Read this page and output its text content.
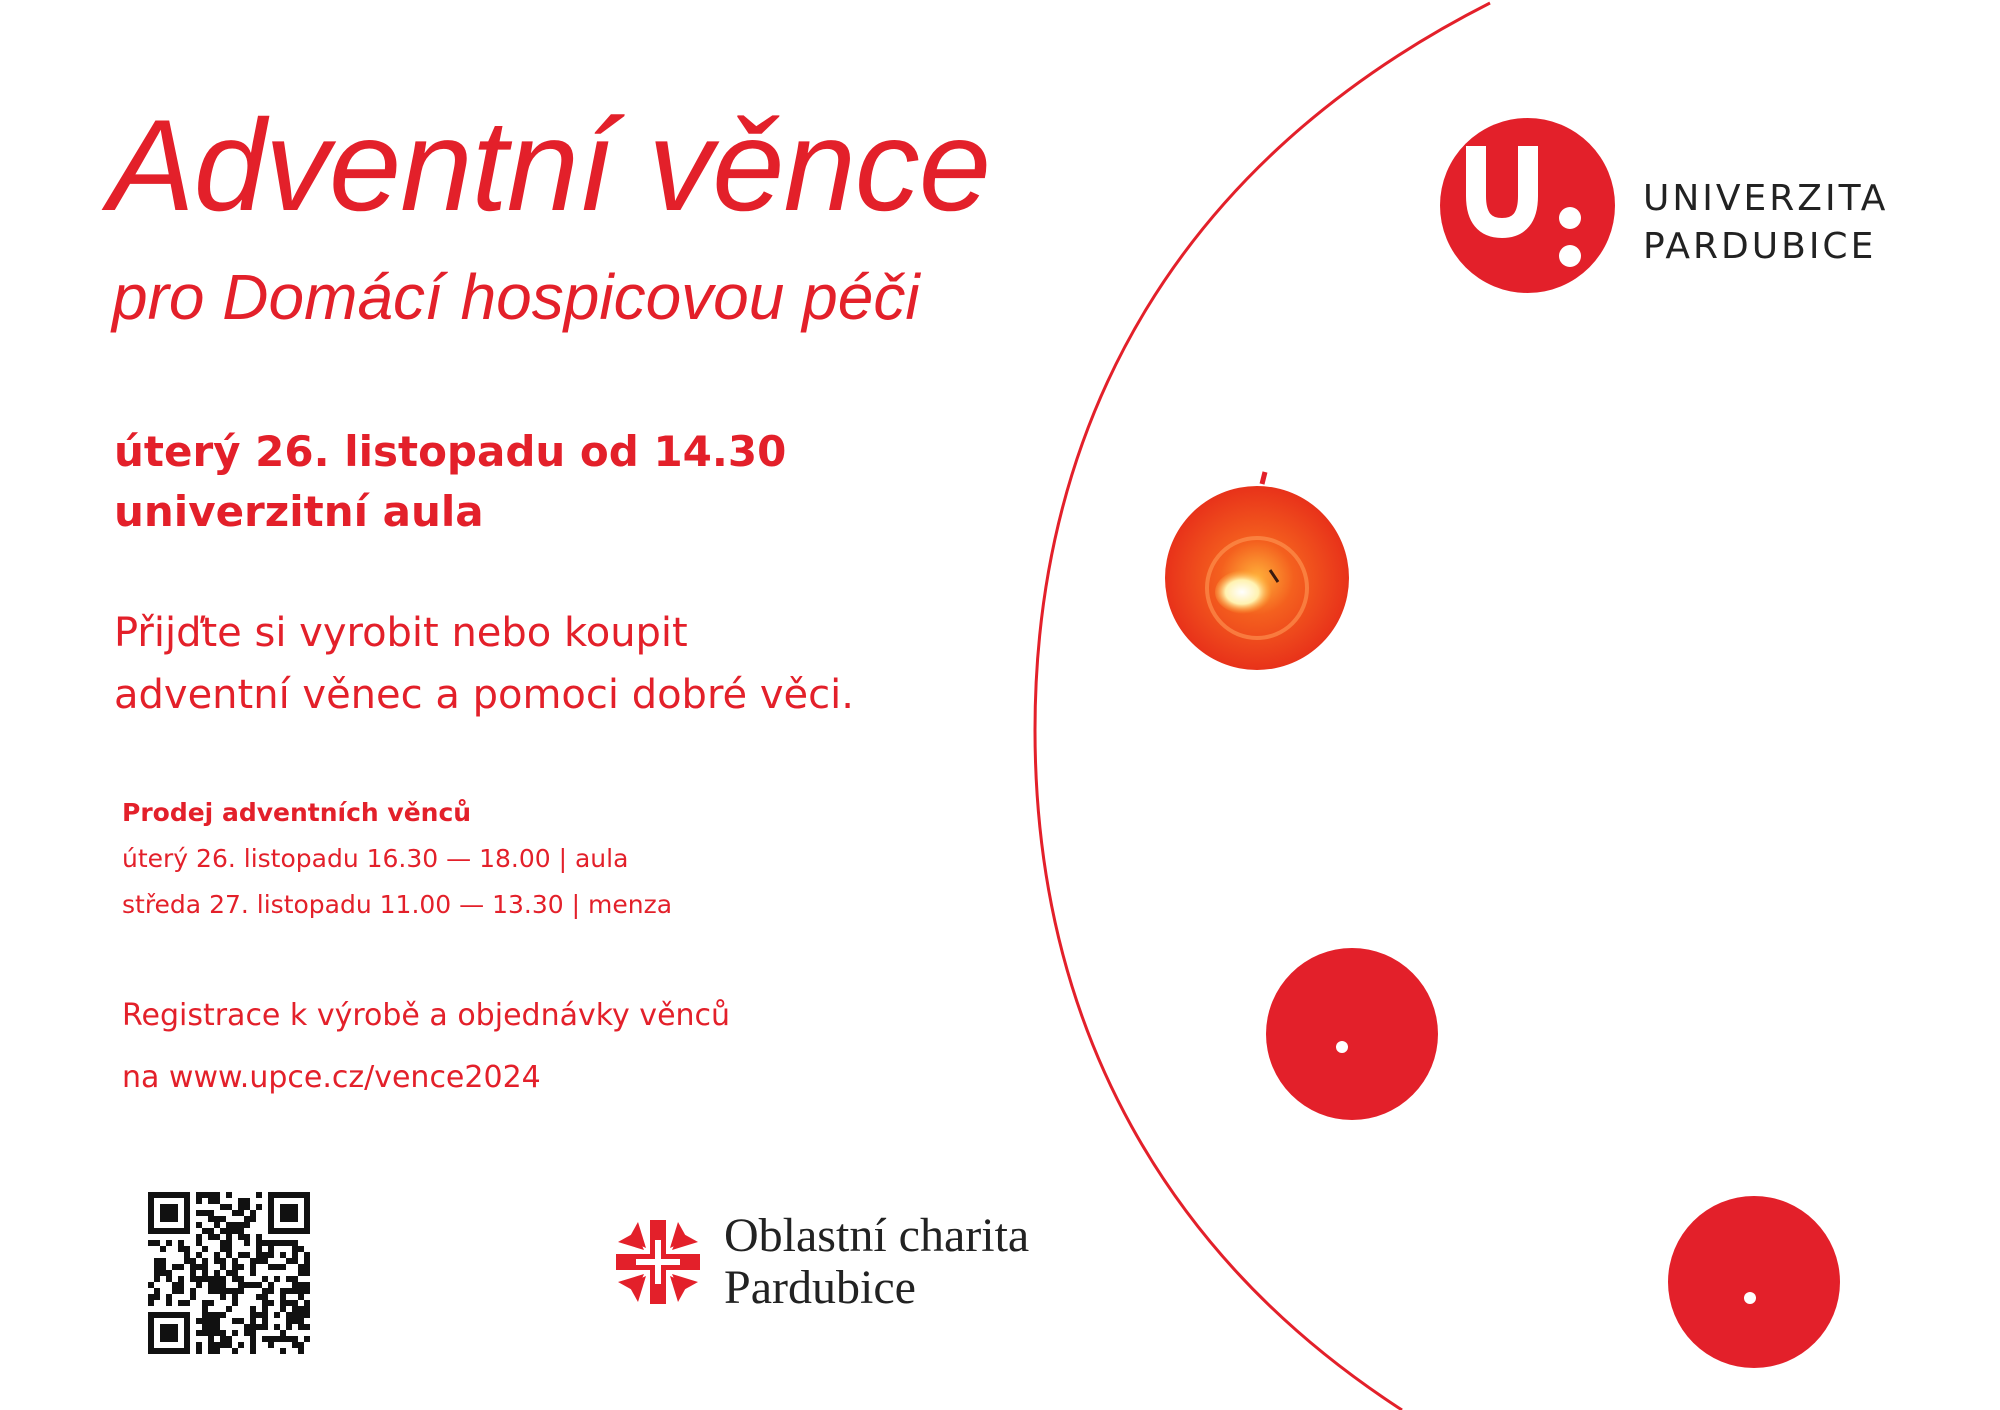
UNIVERZITA
PARDUBICE
Adventní věnce
pro Domácí hospicovou péči
úterý 26. listopadu od 14.30
univerzitní aula
Přijďte si vyrobit nebo koupit
adventní věnec a pomoci dobré věci.
Prodej adventních věnců
úterý 26. listopadu 16.30 — 18.00 | aula
středa 27. listopadu 11.00 — 13.30 | menza
Registrace k výrobě a objednávky věnců
na www.upce.cz/vence2024
Oblastní charita
Pardubice
